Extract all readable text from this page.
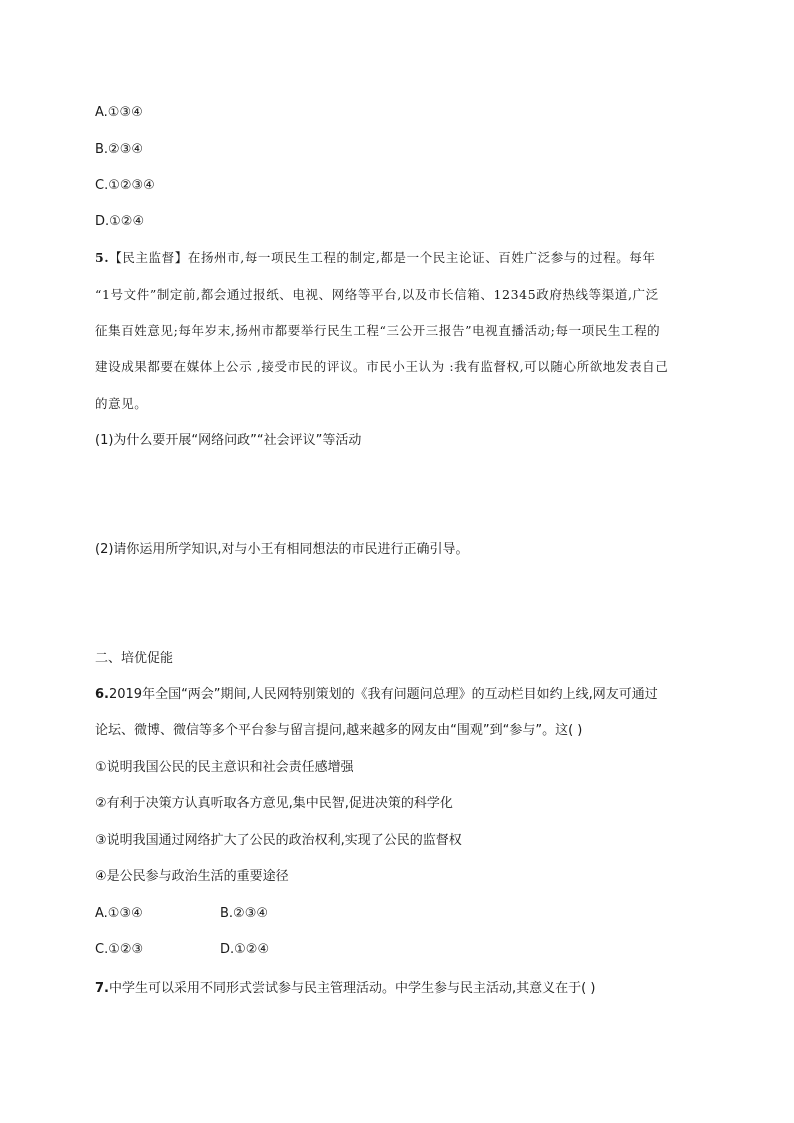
A.①③④
B.②③④
C.①②③④
D.①②④
5.【民主监督】在扬州市,每一项民生工程的制定,都是一个民主论证、百姓广泛参与的过程。每年
“1号文件”制定前,都会通过报纸、电视、网络等平台,以及市长信箱、12345政府热线等渠道,广泛
征集百姓意见;每年岁末,扬州市都要举行民生工程“三公开三报告”电视直播活动;每一项民生工程的
建设成果都要在媒体上公示 ,接受市民的评议。市民小王认为 :我有监督权,可以随心所欲地发表自己
的意见。
(1)为什么要开展“网络问政”“社会评议”等活动
(2)请你运用所学知识,对与小王有相同想法的市民进行正确引导。
二、培优促能
6.2019年全国“两会”期间,人民网特别策划的《我有问题问总理》的互动栏目如约上线,网友可通过
论坛、微博、微信等多个平台参与留言提问,越来越多的网友由“围观”到“参与”。这( )
①说明我国公民的民主意识和社会责任感增强
②有利于决策方认真听取各方意见,集中民智,促进决策的科学化
③说明我国通过网络扩大了公民的政治权利,实现了公民的监督权
④是公民参与政治生活的重要途径
A.①③④	B.②③④
C.①②③	D.①②④
7.中学生可以采用不同形式尝试参与民主管理活动。中学生参与民主活动,其意义在于( )
